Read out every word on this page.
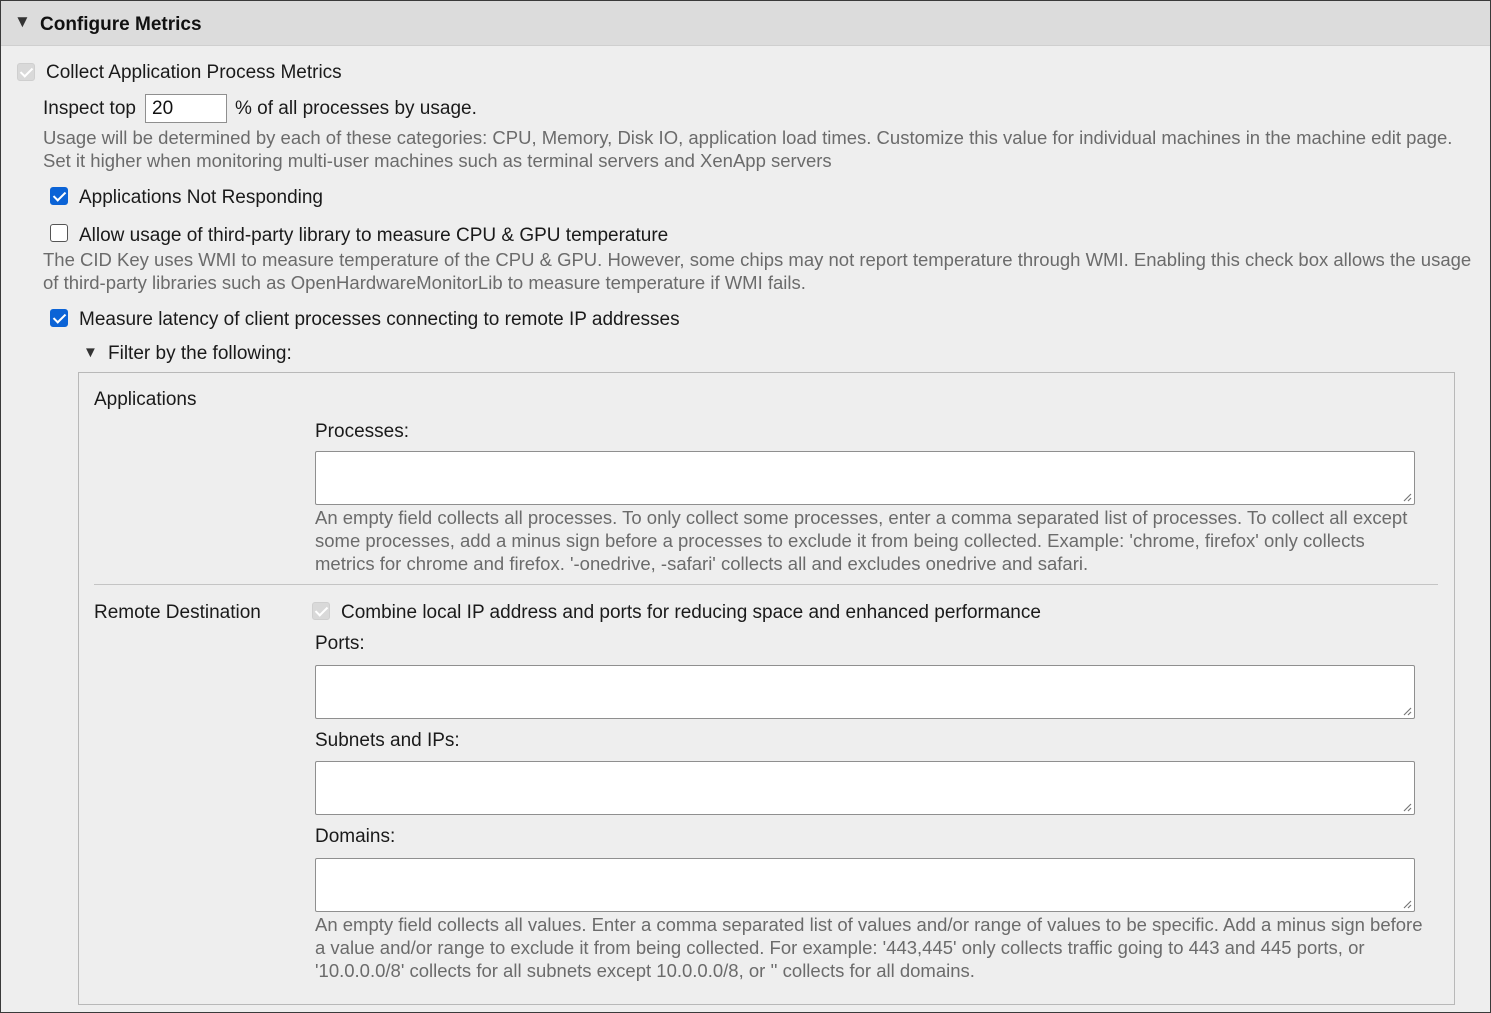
▼ Configure Metrics
Collect Application Process Metrics
Inspect top
20	% of all processes by usage.
Usage will be determined by each of these categories: CPU, Memory, Disk IO, application load times. Customize this value for individual machines in the machine edit page. Set it higher when monitoring multi-user machines such as terminal servers and XenApp servers
Applications Not Responding
Allow usage of third-party library to measure CPU & GPU temperature
The CID Key uses WMI to measure temperature of the CPU & GPU. However, some chips may not report temperature through WMI. Enabling this check box allows the usage of third-party libraries such as OpenHardwareMonitorLib to measure temperature if WMI fails.
Measure latency of client processes connecting to remote IP addresses
▼ Filter by the following:
Applications
Processes:
An empty field collects all processes. To only collect some processes, enter a comma separated list of processes. To collect all except some processes, add a minus sign before a processes to exclude it from being collected. Example: 'chrome, firefox' only collects metrics for chrome and firefox. '-onedrive, -safari' collects all and excludes onedrive and safari.
Remote Destination	Combine local IP address and ports for reducing space and enhanced performance
Ports:
Subnets and IPs:
Domains:
An empty field collects all values. Enter a comma separated list of values and/or range of values to be specific. Add a minus sign before a value and/or range to exclude it from being collected. For example: '443,445' only collects traffic going to 443 and 445 ports, or '10.0.0.0/8' collects for all subnets except 10.0.0.0/8, or '' collects for all domains.
